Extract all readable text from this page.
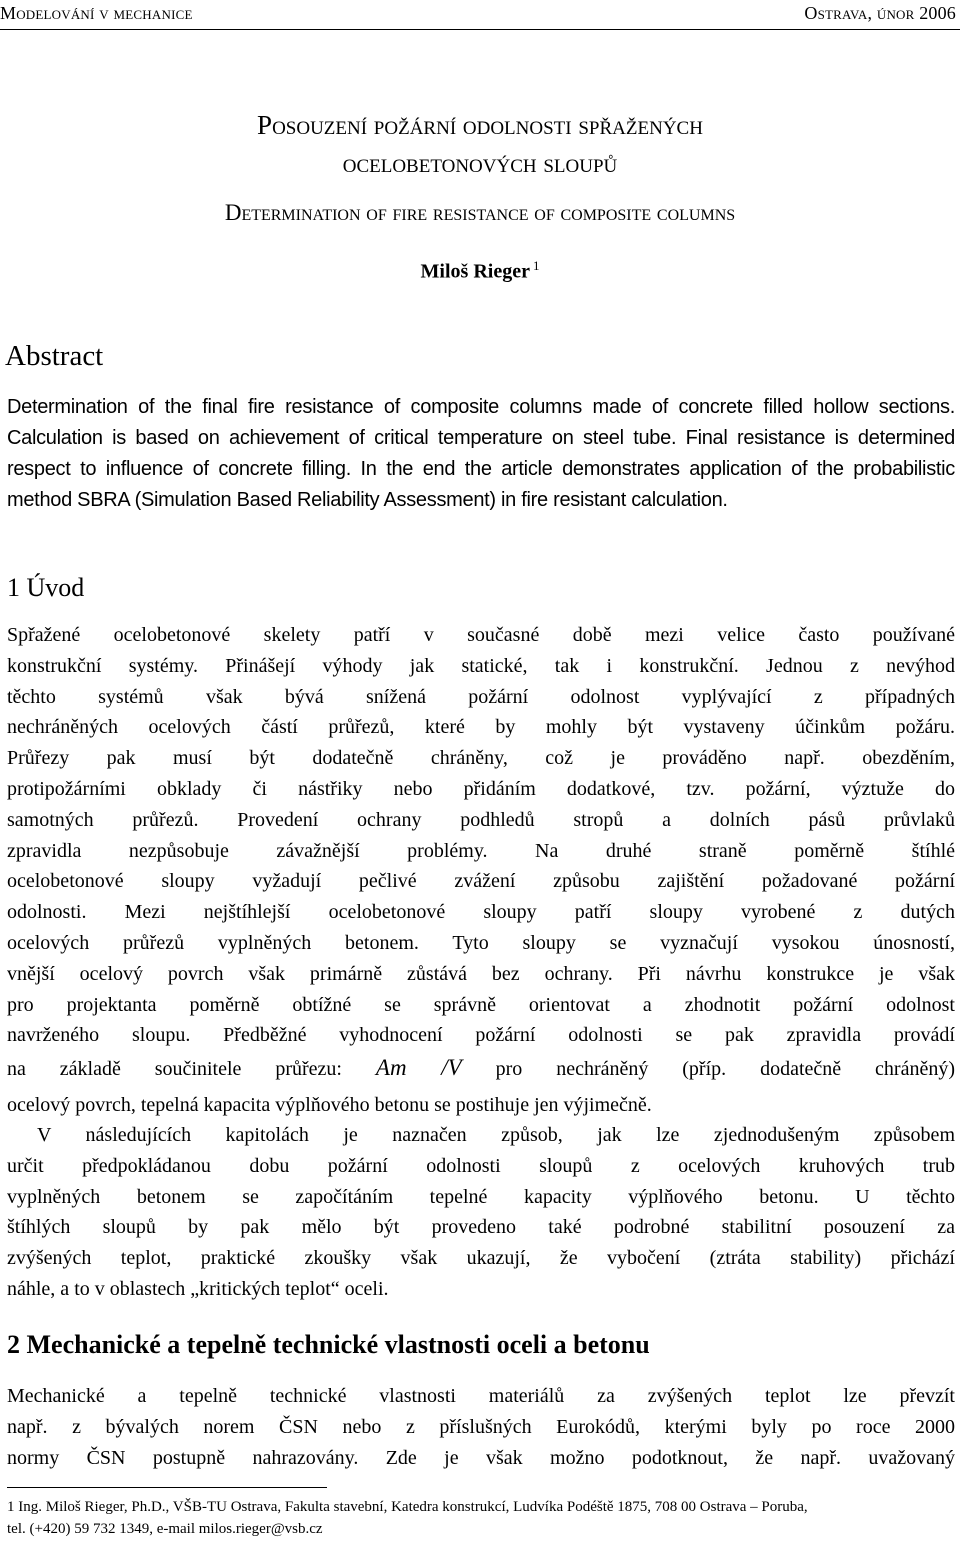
Modelování v mechanice	Ostrava, únor 2006
Posouzení požární odolnosti spřažených
ocelobetonových sloupů
Determination of fire resistance of composite columns
Miloš Rieger $^1$
Abstract
Determination of the final fire resistance of composite columns made of concrete filled hollow sections. Calculation is based on achievement of critical temperature on steel tube. Final resistance is determined respect to influence of concrete filling. In the end the article demonstrates application of the probabilistic method SBRA (Simulation Based Reliability Assessment) in fire resistant calculation.
1 Úvod
Spřažené ocelobetonové skelety patří v současné době mezi velice často používané
konstrukční systémy. Přinášejí výhody jak statické, tak i konstrukční. Jednou z nevýhod
těchto systémů však bývá snížená požární odolnost vyplývající z případných
nechráněných ocelových částí průřezů, které by mohly být vystaveny účinkům požáru.
Průřezy pak musí být dodatečně chráněny, což je prováděno např. obezděním,
protipožárními obklady či nástřiky nebo přidáním dodatkové, tzv. požární, výztuže do
samotných průřezů. Provedení ochrany podhledů stropů a dolních pásů průvlaků
zpravidla nezpůsobuje závažnější problémy. Na druhé straně poměrně štíhlé
ocelobetonové sloupy vyžadují pečlivé zvážení způsobu zajištění požadované požární
odolnosti. Mezi nejštíhlejší ocelobetonové sloupy patří sloupy vyrobené z dutých
ocelových průřezů vyplněných betonem. Tyto sloupy se vyznačují vysokou únosností,
vnější ocelový povrch však primárně zůstává bez ochrany. Při návrhu konstrukce je však
pro projektanta poměrně obtížné se správně orientovat a zhodnotit požární odolnost
navrženého sloupu. Předběžné vyhodnocení požární odolnosti se pak zpravidla provádí
na základě součinitele průřezu: Am /V pro nechráněný (příp. dodatečně chráněný)
ocelový povrch, tepelná kapacita výplňového betonu se postihuje jen výjimečně.
V následujících kapitolách je naznačen způsob, jak lze zjednodušeným způsobem
určit předpokládanou dobu požární odolnosti sloupů z ocelových kruhových trub
vyplněných betonem se započítáním tepelné kapacity výplňového betonu. U těchto
štíhlých sloupů by pak mělo být provedeno také podrobné stabilitní posouzení za
zvýšených teplot, praktické zkoušky však ukazují, že vybočení (ztráta stability) přichází
náhle, a to v oblastech „kritických teplot“ oceli.
2 Mechanické a tepelně technické vlastnosti oceli a betonu
Mechanické a tepelně technické vlastnosti materiálů za zvýšených teplot lze převzít
např. z bývalých norem ČSN nebo z příslušných Eurokódů, kterými byly po roce 2000
normy ČSN postupně nahrazovány. Zde je však možno podotknout, že např. uvažovaný
1 Ing. Miloš Rieger, Ph.D., VŠB-TU Ostrava, Fakulta stavební, Katedra konstrukcí, Ludvíka Podéště 1875, 708 00 Ostrava – Poruba,
tel. (+420) 59 732 1349, e-mail milos.rieger@vsb.cz
